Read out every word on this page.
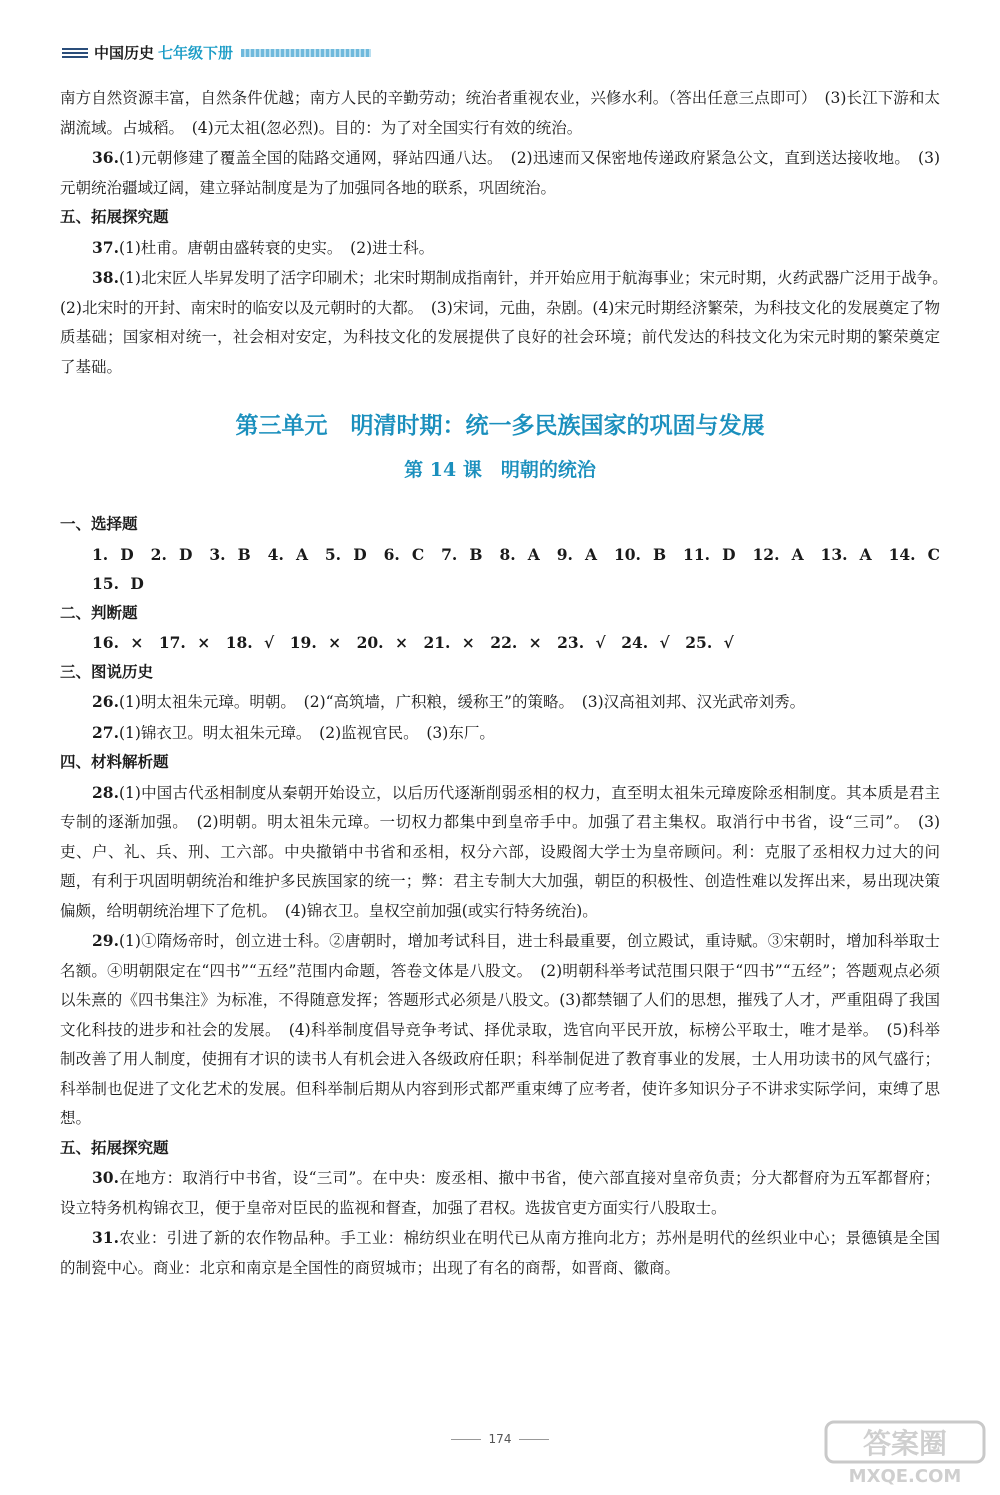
中国历史 七年级下册

南方自然资源丰富，自然条件优越；南方人民的辛勤劳动；统治者重视农业，兴修水利。（答出任意三点即可）　(3)长江下游和太湖流域。占城稻。　(4)元太祖(忽必烈)。目的：为了对全国实行有效的统治。

36.(1)元朝修建了覆盖全国的陆路交通网，驿站四通八达。　(2)迅速而又保密地传递政府紧急公文，直到送达接收地。　(3)元朝统治疆域辽阔，建立驿站制度是为了加强同各地的联系，巩固统治。

五、拓展探究题

37.(1)杜甫。唐朝由盛转衰的史实。　(2)进士科。

38.(1)北宋匠人毕昇发明了活字印刷术；北宋时期制成指南针，并开始应用于航海事业；宋元时期，火药武器广泛用于战争。　(2)北宋时的开封、南宋时的临安以及元朝时的大都。　(3)宋词，元曲，杂剧。(4)宋元时期经济繁荣，为科技文化的发展奠定了物质基础；国家相对统一，社会相对安定，为科技文化的发展提供了良好的社会环境；前代发达的科技文化为宋元时期的繁荣奠定了基础。

第三单元　明清时期：统一多民族国家的巩固与发展

第 14 课　明朝的统治

一、选择题

1. D　2. D　3. B　4. A　5. D　6. C　7. B　8. A　9. A　10. B　11. D　12. A　13. A　14. C　15. D

二、判断题

16. ×　17. ×　18. √　19. ×　20. ×　21. ×　22. ×　23. √　24. √　25. √

三、图说历史

26.(1)明太祖朱元璋。明朝。　(2)“高筑墙，广积粮，缓称王”的策略。　(3)汉高祖刘邦、汉光武帝刘秀。

27.(1)锦衣卫。明太祖朱元璋。　(2)监视官民。　(3)东厂。

四、材料解析题

28.(1)中国古代丞相制度从秦朝开始设立，以后历代逐渐削弱丞相的权力，直至明太祖朱元璋废除丞相制度。其本质是君主专制的逐渐加强。　(2)明朝。明太祖朱元璋。一切权力都集中到皇帝手中。加强了君主集权。取消行中书省，设“三司”。　(3)吏、户、礼、兵、刑、工六部。中央撤销中书省和丞相，权分六部，设殿阁大学士为皇帝顾问。利：克服了丞相权力过大的问题，有利于巩固明朝统治和维护多民族国家的统一；弊：君主专制大大加强，朝臣的积极性、创造性难以发挥出来，易出现决策偏颇，给明朝统治埋下了危机。　(4)锦衣卫。皇权空前加强(或实行特务统治)。

29.(1)①隋炀帝时，创立进士科。②唐朝时，增加考试科目，进士科最重要，创立殿试，重诗赋。③宋朝时，增加科举取士名额。④明朝限定在“四书”“五经”范围内命题，答卷文体是八股文。　(2)明朝科举考试范围只限于“四书”“五经”；答题观点必须以朱熹的《四书集注》为标准，不得随意发挥；答题形式必须是八股文。(3)都禁锢了人们的思想，摧残了人才，严重阻碍了我国文化科技的进步和社会的发展。　(4)科举制度倡导竞争考试、择优录取，选官向平民开放，标榜公平取士，唯才是举。　(5)科举制改善了用人制度，使拥有才识的读书人有机会进入各级政府任职；科举制促进了教育事业的发展，士人用功读书的风气盛行；科举制也促进了文化艺术的发展。但科举制后期从内容到形式都严重束缚了应考者，使许多知识分子不讲求实际学问，束缚了思想。

五、拓展探究题

30.在地方：取消行中书省，设“三司”。在中央：废丞相、撤中书省，使六部直接对皇帝负责；分大都督府为五军都督府；设立特务机构锦衣卫，便于皇帝对臣民的监视和督查，加强了君权。选拔官吏方面实行八股取士。

31.农业：引进了新的农作物品种。手工业：棉纺织业在明代已从南方推向北方；苏州是明代的丝织业中心；景德镇是全国的制瓷中心。商业：北京和南京是全国性的商贸城市；出现了有名的商帮，如晋商、徽商。

174	答案圈
MXQE.COM
